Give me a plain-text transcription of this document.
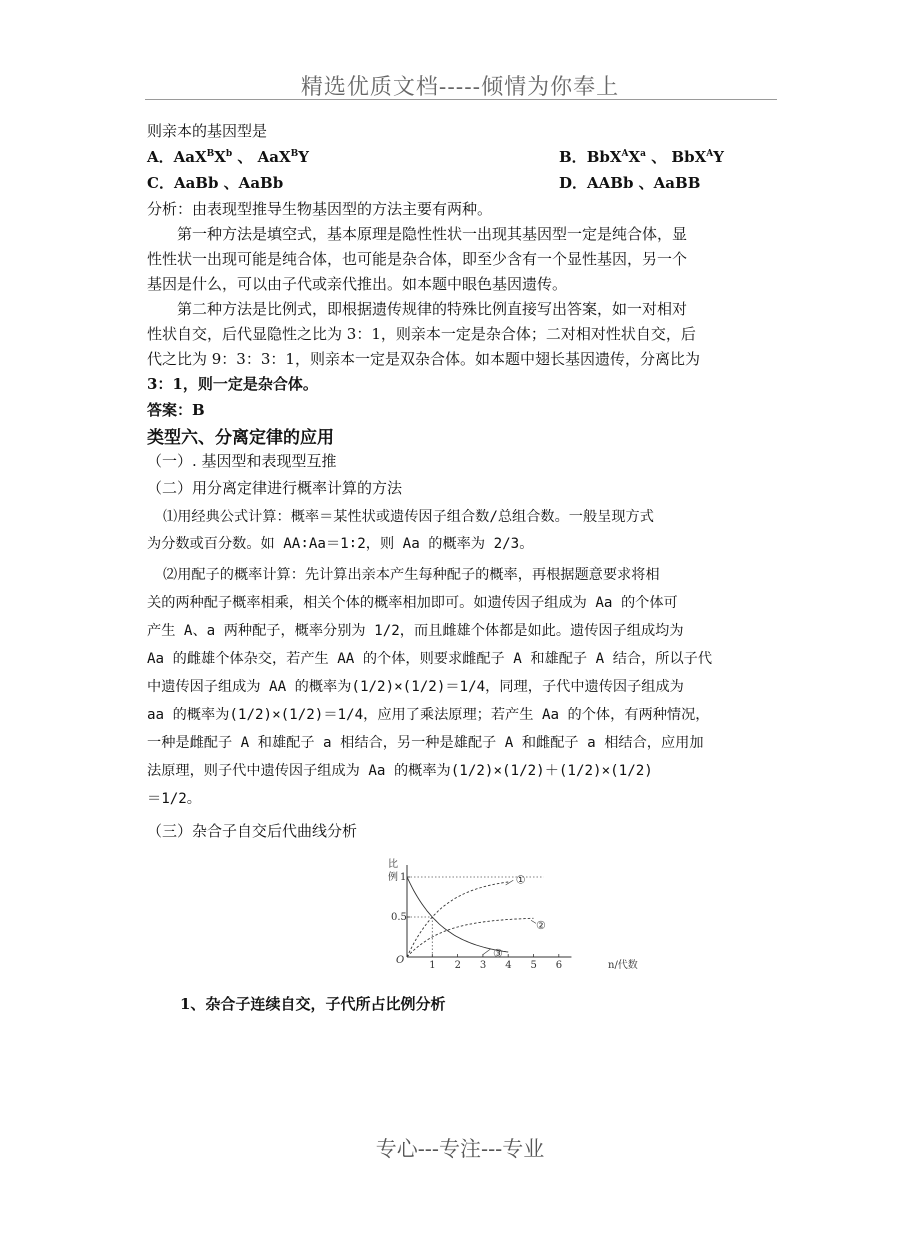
精选优质文档-----倾情为你奉上
则亲本的基因型是
A．$AaX^BX^b$ 、 AaX$^B$Y	B．$BbX^AX^a$ 、 BbX$^A$Y
C．AaBb 、AaBb	D．AABb 、AaBB
分析：由表现型推导生物基因型的方法主要有两种。
第一种方法是填空式，基本原理是隐性性状一出现其基因型一定是纯合体，显
性性状一出现可能是纯合体，也可能是杂合体，即至少含有一个显性基因，另一个
基因是什么，可以由子代或亲代推出。如本题中眼色基因遗传。
第二种方法是比例式，即根据遗传规律的特殊比例直接写出答案，如一对相对
性状自交，后代显隐性之比为 3：1，则亲本一定是杂合体；二对相对性状自交，后
代之比为 9：3：3：1，则亲本一定是双杂合体。如本题中翅长基因遗传，分离比为
3：1，则一定是杂合体。
答案：B
类型六、分离定律的应用
（一）. 基因型和表现型互推
（二）用分离定律进行概率计算的方法
⑴用经典公式计算：概率＝某性状或遗传因子组合数/总组合数。一般呈现方式
为分数或百分数。如 AA∶Aa＝1∶2，则 Aa 的概率为 2/3。
⑵用配子的概率计算：先计算出亲本产生每种配子的概率，再根据题意要求将相
关的两种配子概率相乘，相关个体的概率相加即可。如遗传因子组成为 Aa 的个体可
产生 A、a 两种配子，概率分别为 1/2，而且雌雄个体都是如此。遗传因子组成均为
Aa 的雌雄个体杂交，若产生 AA 的个体，则要求雌配子 A 和雄配子 A 结合，所以子代
中遗传因子组成为 AA 的概率为(1/2)×(1/2)＝1/4，同理，子代中遗传因子组成为
aa 的概率为(1/2)×(1/2)＝1/4，应用了乘法原理；若产生 Aa 的个体，有两种情况，
一种是雌配子 A 和雄配子 a 相结合，另一种是雄配子 A 和雌配子 a 相结合，应用加
法原理，则子代中遗传因子组成为 Aa 的概率为(1/2)×(1/2)＋(1/2)×(1/2)
＝1/2。
（三）杂合子自交后代曲线分析
比
例
O	n/代数
1 2 3 4 5 6
0.5
1	①
②
③
1、杂合子连续自交，子代所占比例分析
专心---专注---专业
